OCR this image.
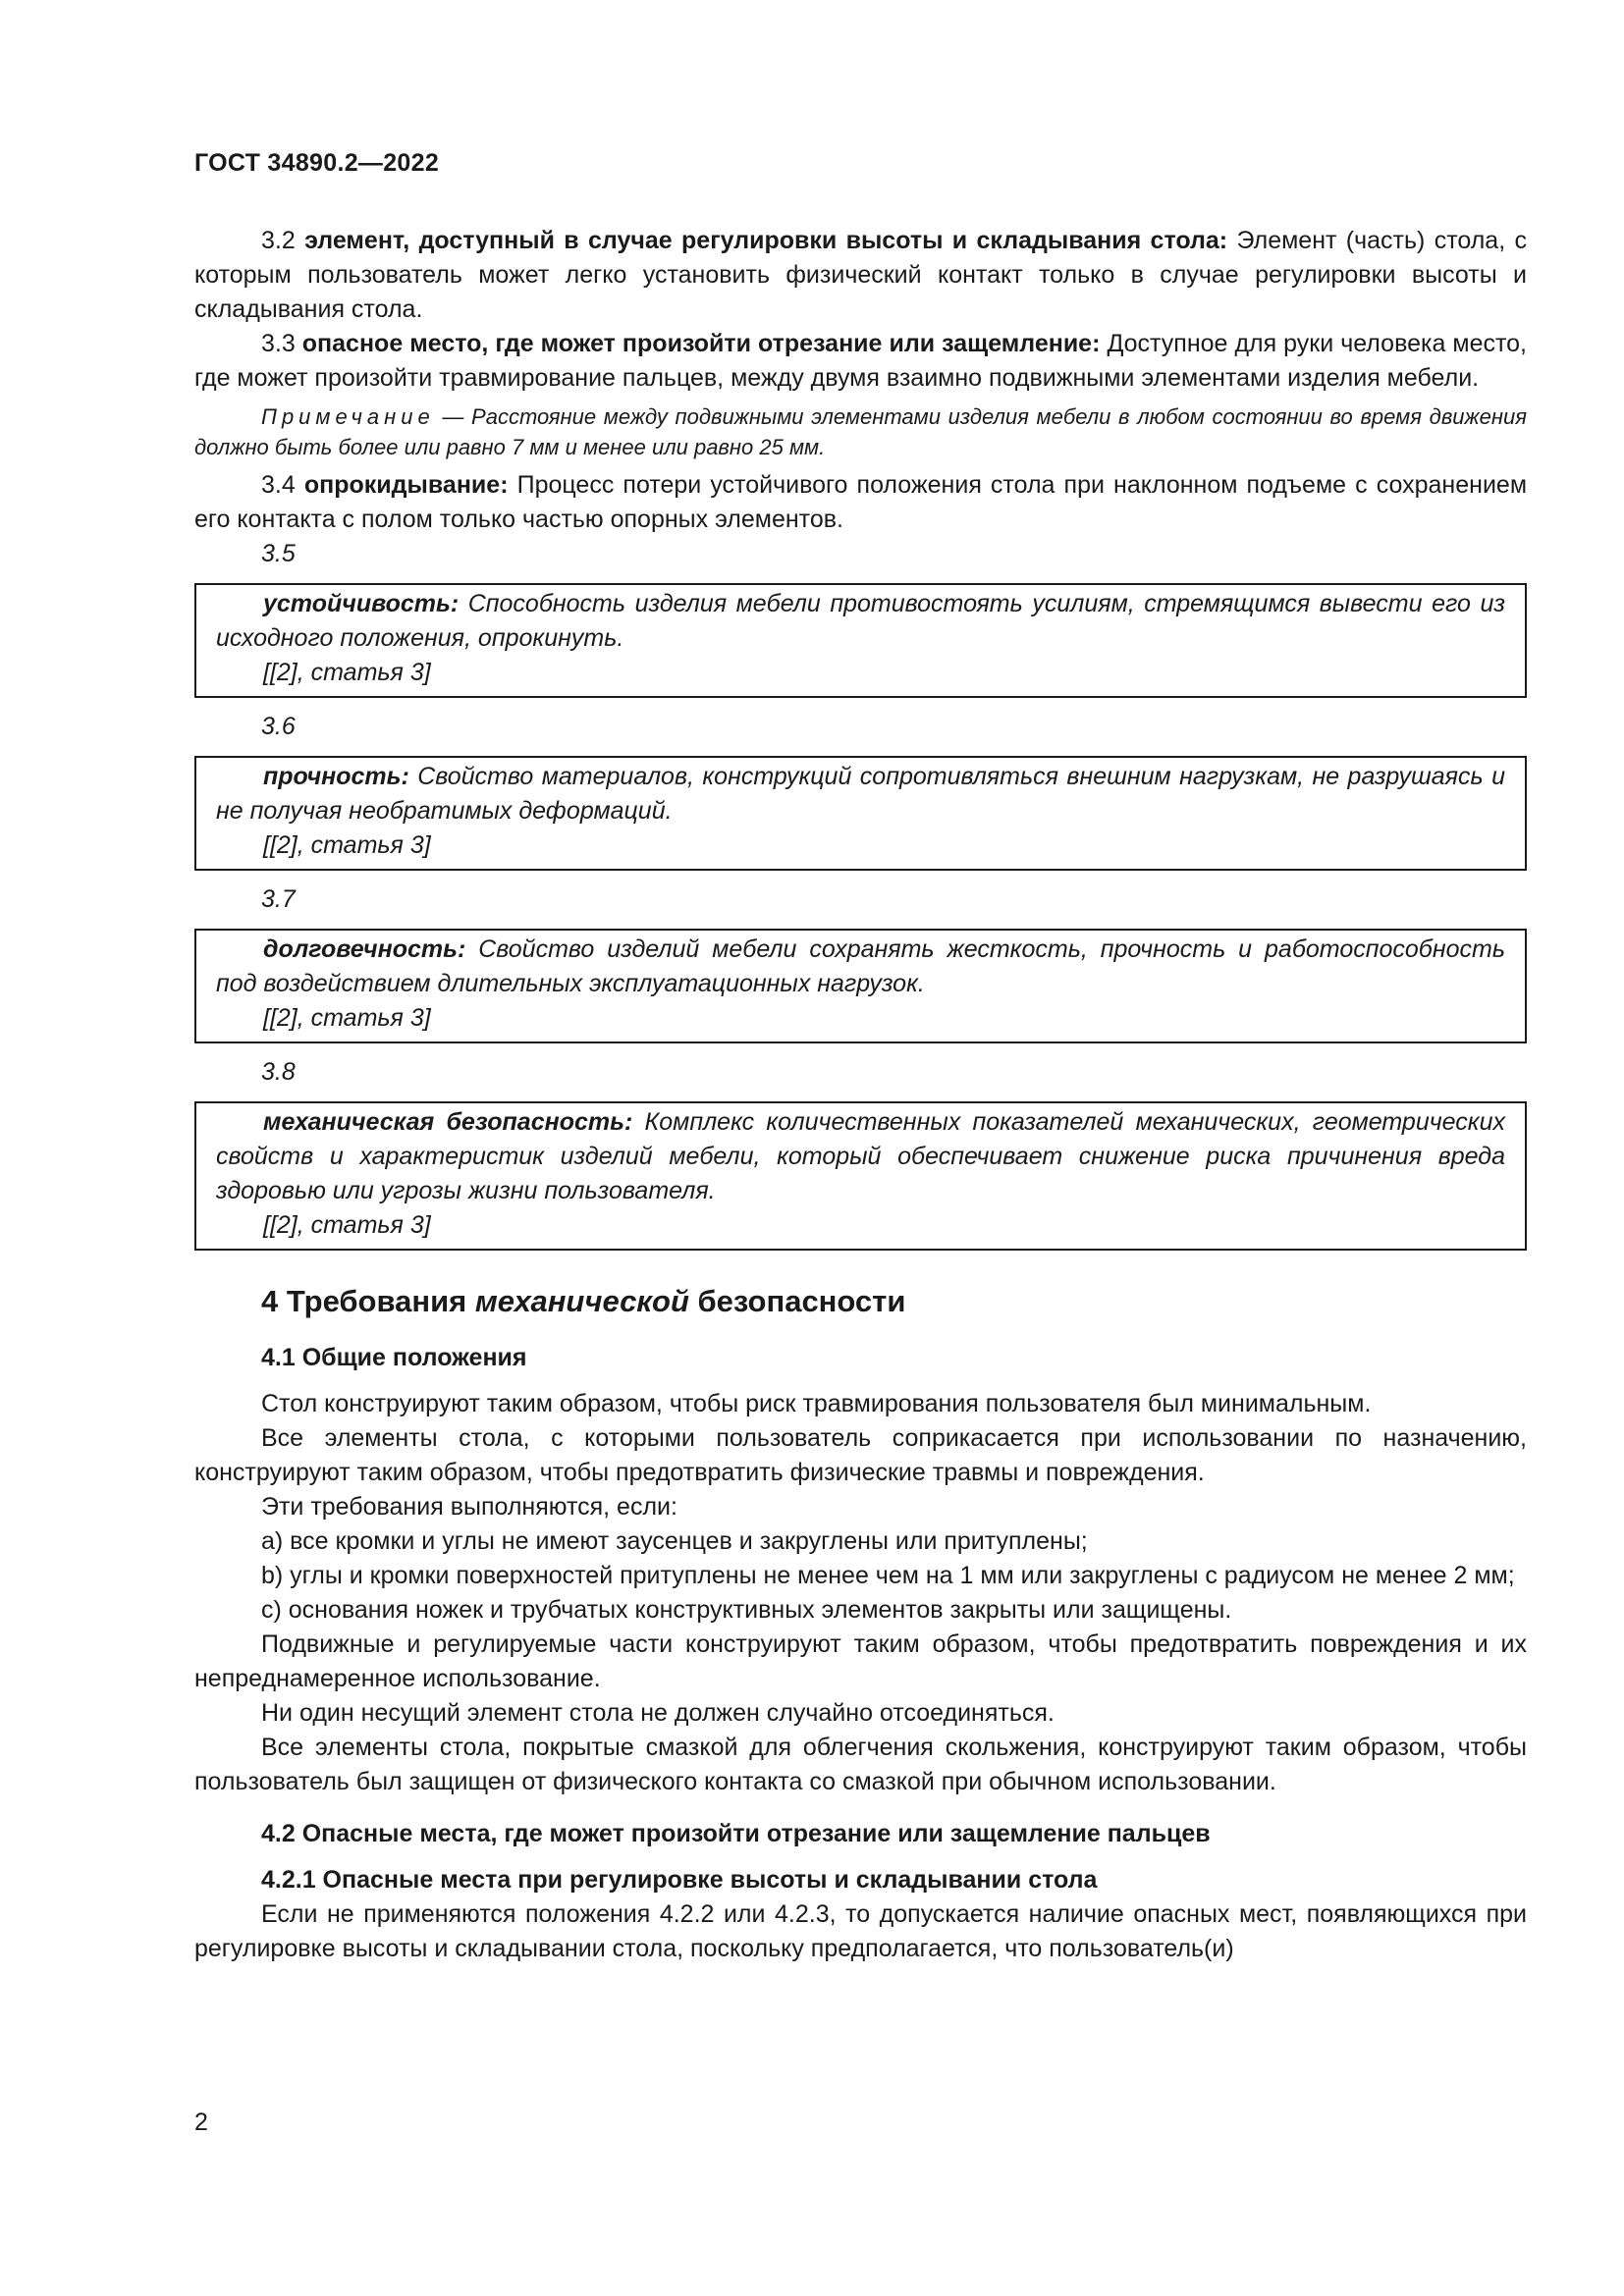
ГОСТ 34890.2—2022

3.2 элемент, доступный в случае регулировки высоты и складывания стола: Элемент (часть) стола, с которым пользователь может легко установить физический контакт только в случае регулировки высоты и складывания стола.

3.3 опасное место, где может произойти отрезание или защемление: Доступное для руки человека место, где может произойти травмирование пальцев, между двумя взаимно подвижными элементами изделия мебели.

Примечание — Расстояние между подвижными элементами изделия мебели в любом состоянии во время движения должно быть более или равно 7 мм и менее или равно 25 мм.

3.4 опрокидывание: Процесс потери устойчивого положения стола при наклонном подъеме с сохранением его контакта с полом только частью опорных элементов.

3.5

устойчивость: Способность изделия мебели противостоять усилиям, стремящимся вывести его из исходного положения, опрокинуть.

[[2], статья 3]
3.6

прочность: Свойство материалов, конструкций сопротивляться внешним нагрузкам, не разрушаясь и не получая необратимых деформаций.

[[2], статья 3]
3.7

долговечность: Свойство изделий мебели сохранять жесткость, прочность и работоспособность под воздействием длительных эксплуатационных нагрузок.

[[2], статья 3]
3.8

механическая безопасность: Комплекс количественных показателей механических, геометрических свойств и характеристик изделий мебели, который обеспечивает снижение риска причинения вреда здоровью или угрозы жизни пользователя.

[[2], статья 3]
4 Требования механической безопасности
4.1 Общие положения

Стол конструируют таким образом, чтобы риск травмирования пользователя был минимальным.

Все элементы стола, с которыми пользователь соприкасается при использовании по назначению, конструируют таким образом, чтобы предотвратить физические травмы и повреждения.

Эти требования выполняются, если:

a) все кромки и углы не имеют заусенцев и закруглены или притуплены;

b) углы и кромки поверхностей притуплены не менее чем на 1 мм или закруглены с радиусом не менее 2 мм;

c) основания ножек и трубчатых конструктивных элементов закрыты или защищены.

Подвижные и регулируемые части конструируют таким образом, чтобы предотвратить повреждения и их непреднамеренное использование.

Ни один несущий элемент стола не должен случайно отсоединяться.

Все элементы стола, покрытые смазкой для облегчения скольжения, конструируют таким образом, чтобы пользователь был защищен от физического контакта со смазкой при обычном использовании.

4.2 Опасные места, где может произойти отрезание или защемление пальцев
4.2.1 Опасные места при регулировке высоты и складывании стола

Если не применяются положения 4.2.2 или 4.2.3, то допускается наличие опасных мест, появляющихся при регулировке высоты и складывании стола, поскольку предполагается, что пользователь(и)

2
